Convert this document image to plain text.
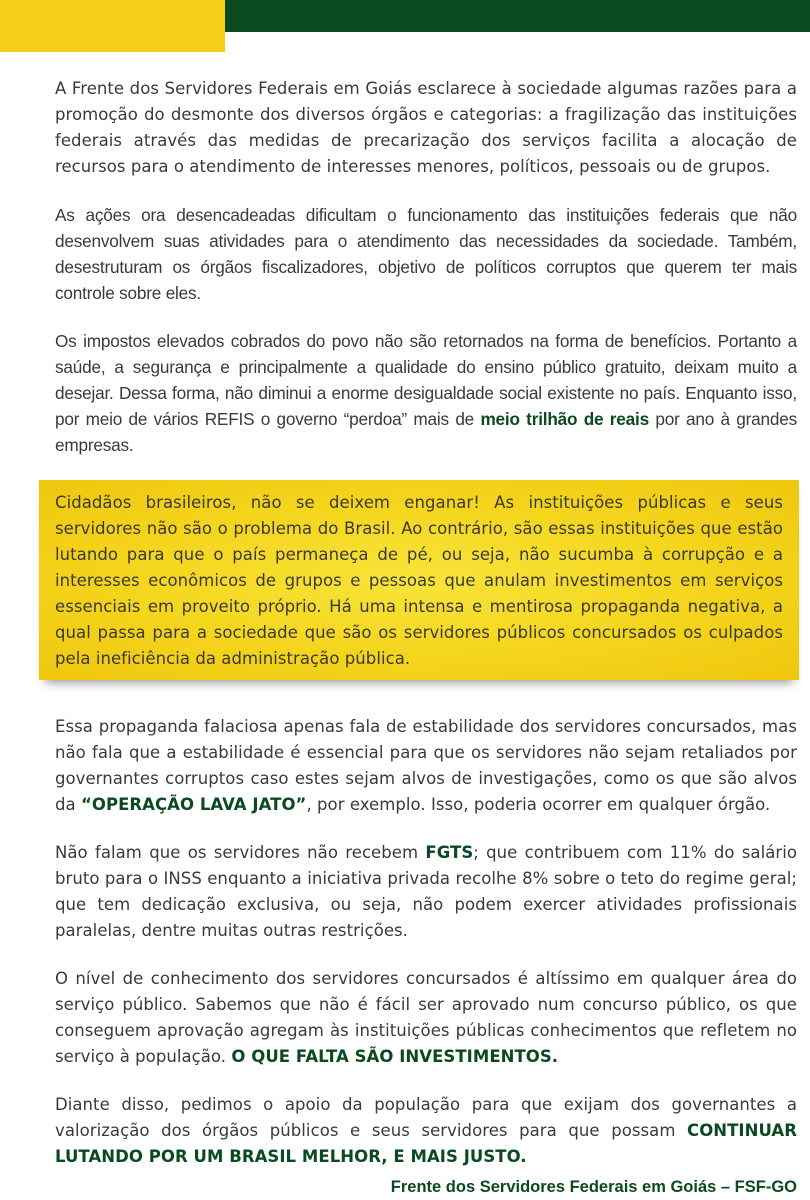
A Frente dos Servidores Federais em Goiás esclarece à sociedade algumas razões para a promoção do desmonte dos diversos órgãos e categorias: a fragilização das instituições federais através das medidas de precarização dos serviços facilita a alocação de recursos para o atendimento de interesses menores, políticos, pessoais ou de grupos.

As ações ora desencadeadas dificultam o funcionamento das instituições federais que não desenvolvem suas atividades para o atendimento das necessidades da sociedade. Também, desestruturam os órgãos fiscalizadores, objetivo de políticos corruptos que querem ter mais controle sobre eles.

Os impostos elevados cobrados do povo não são retornados na forma de benefícios. Portanto a saúde, a segurança e principalmente a qualidade do ensino público gratuito, deixam muito a desejar. Dessa forma, não diminui a enorme desigualdade social existente no país. Enquanto isso, por meio de vários REFIS o governo “perdoa” mais de meio trilhão de reais por ano à grandes empresas.

Cidadãos brasileiros, não se deixem enganar! As instituições públicas e seus servidores não são o problema do Brasil. Ao contrário, são essas instituições que estão lutando para que o país permaneça de pé, ou seja, não sucumba à corrupção e a interesses econômicos de grupos e pessoas que anulam investimentos em serviços essenciais em proveito próprio. Há uma intensa e mentirosa propaganda negativa, a qual passa para a sociedade que são os servidores públicos concursados os culpados pela ineficiência da administração pública.

Essa propaganda falaciosa apenas fala de estabilidade dos servidores concursados, mas não fala que a estabilidade é essencial para que os servidores não sejam retaliados por governantes corruptos caso estes sejam alvos de investigações, como os que são alvos da “OPERAÇÃO LAVA JATO”, por exemplo. Isso, poderia ocorrer em qualquer órgão.

Não falam que os servidores não recebem FGTS; que contribuem com 11% do salário bruto para o INSS enquanto a iniciativa privada recolhe 8% sobre o teto do regime geral; que tem dedicação exclusiva, ou seja, não podem exercer atividades profissionais paralelas, dentre muitas outras restrições.

O nível de conhecimento dos servidores concursados é altíssimo em qualquer área do serviço público. Sabemos que não é fácil ser aprovado num concurso público, os que conseguem aprovação agregam às instituições públicas conhecimentos que refletem no serviço à população. O QUE FALTA SÃO INVESTIMENTOS.

Diante disso, pedimos o apoio da população para que exijam dos governantes a valorização dos órgãos públicos e seus servidores para que possam CONTINUAR LUTANDO POR UM BRASIL MELHOR, E MAIS JUSTO.

Frente dos Servidores Federais em Goiás – FSF-GO
